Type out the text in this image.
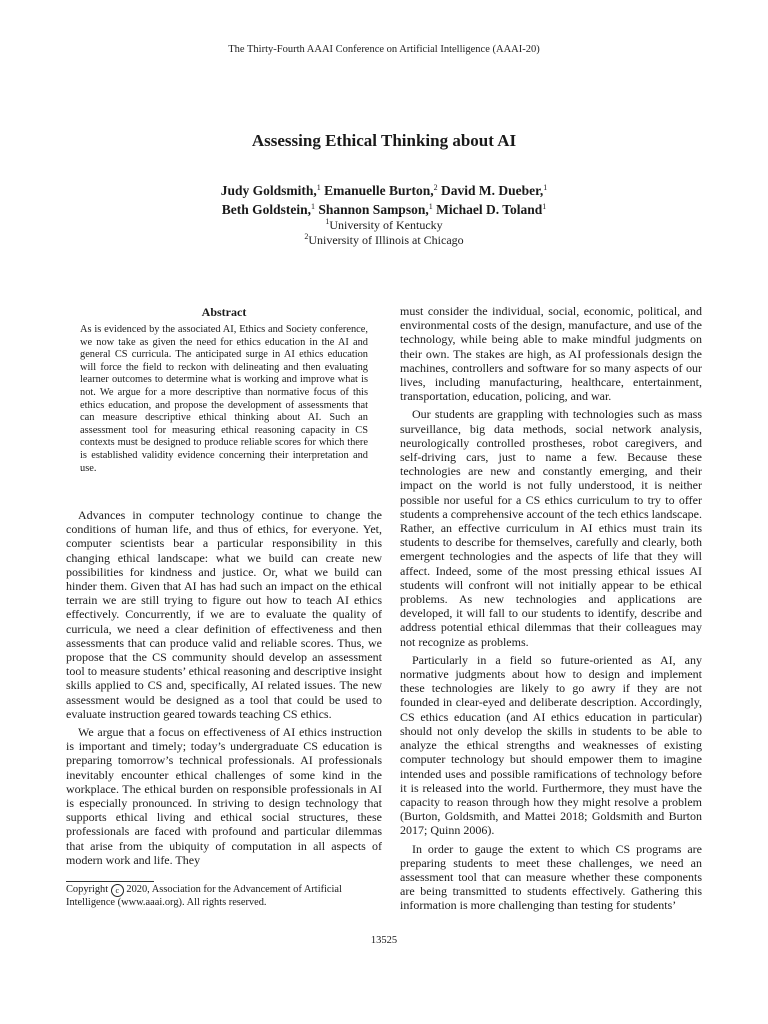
The Thirty-Fourth AAAI Conference on Artificial Intelligence (AAAI-20)
Assessing Ethical Thinking about AI
Judy Goldsmith,$^1$ Emanuelle Burton,$^2$ David M. Dueber,$^1$
Beth Goldstein,$^1$ Shannon Sampson,$^1$ Michael D. Toland$^1$
$^1$University of Kentucky
$^2$University of Illinois at Chicago
Abstract
As is evidenced by the associated AI, Ethics and Society conference, we now take as given the need for ethics education in the AI and general CS curricula. The anticipated surge in AI ethics education will force the field to reckon with delineating and then evaluating learner outcomes to determine what is working and improve what is not. We argue for a more descriptive than normative focus of this ethics education, and propose the development of assessments that can measure descriptive ethical thinking about AI. Such an assessment tool for measuring ethical reasoning capacity in CS contexts must be designed to produce reliable scores for which there is established validity evidence concerning their interpretation and use.

Advances in computer technology continue to change the conditions of human life, and thus of ethics, for everyone. Yet, computer scientists bear a particular responsibility in this changing ethical landscape: what we build can create new possibilities for kindness and justice. Or, what we build can hinder them. Given that AI has had such an impact on the ethical terrain we are still trying to figure out how to teach AI ethics effectively. Concurrently, if we are to evaluate the quality of curricula, we need a clear definition of effectiveness and then assessments that can produce valid and reliable scores. Thus, we propose that the CS community should develop an assessment tool to measure students’ ethical reasoning and descriptive insight skills applied to CS and, specifically, AI related issues. The new assessment would be designed as a tool that could be used to evaluate instruction geared towards teaching CS ethics.

We argue that a focus on effectiveness of AI ethics instruction is important and timely; today’s undergraduate CS education is preparing tomorrow’s technical professionals. AI professionals inevitably encounter ethical challenges of some kind in the workplace. The ethical burden on responsible professionals in AI is especially pronounced. In striving to design technology that supports ethical living and ethical social structures, these professionals are faced with profound and particular dilemmas that arise from the ubiquity of computation in all aspects of modern work and life. They

must consider the individual, social, economic, political, and environmental costs of the design, manufacture, and use of the technology, while being able to make mindful judgments on their own. The stakes are high, as AI professionals design the machines, controllers and software for so many aspects of our lives, including manufacturing, healthcare, entertainment, transportation, education, policing, and war.

Our students are grappling with technologies such as mass surveillance, big data methods, social network analysis, neurologically controlled prostheses, robot caregivers, and self-driving cars, just to name a few. Because these technologies are new and constantly emerging, and their impact on the world is not fully understood, it is neither possible nor useful for a CS ethics curriculum to try to offer students a comprehensive account of the tech ethics landscape. Rather, an effective curriculum in AI ethics must train its students to describe for themselves, carefully and clearly, both emergent technologies and the aspects of life that they will affect. Indeed, some of the most pressing ethical issues AI students will confront will not initially appear to be ethical problems. As new technologies and applications are developed, it will fall to our students to identify, describe and address potential ethical dilemmas that their colleagues may not recognize as problems.

Particularly in a field so future-oriented as AI, any normative judgments about how to design and implement these technologies are likely to go awry if they are not founded in clear-eyed and deliberate description. Accordingly, CS ethics education (and AI ethics education in particular) should not only develop the skills in students to be able to analyze the ethical strengths and weaknesses of existing computer technology but should empower them to imagine intended uses and possible ramifications of technology before it is released into the world. Furthermore, they must have the capacity to reason through how they might resolve a problem (Burton, Goldsmith, and Mattei 2018; Goldsmith and Burton 2017; Quinn 2006).

In order to gauge the extent to which CS programs are preparing students to meet these challenges, we need an assessment tool that can measure whether these components are being transmitted to students effectively. Gathering this information is more challenging than testing for students’

Copyright c 2020, Association for the Advancement of Artificial Intelligence (www.aaai.org). All rights reserved.
13525
